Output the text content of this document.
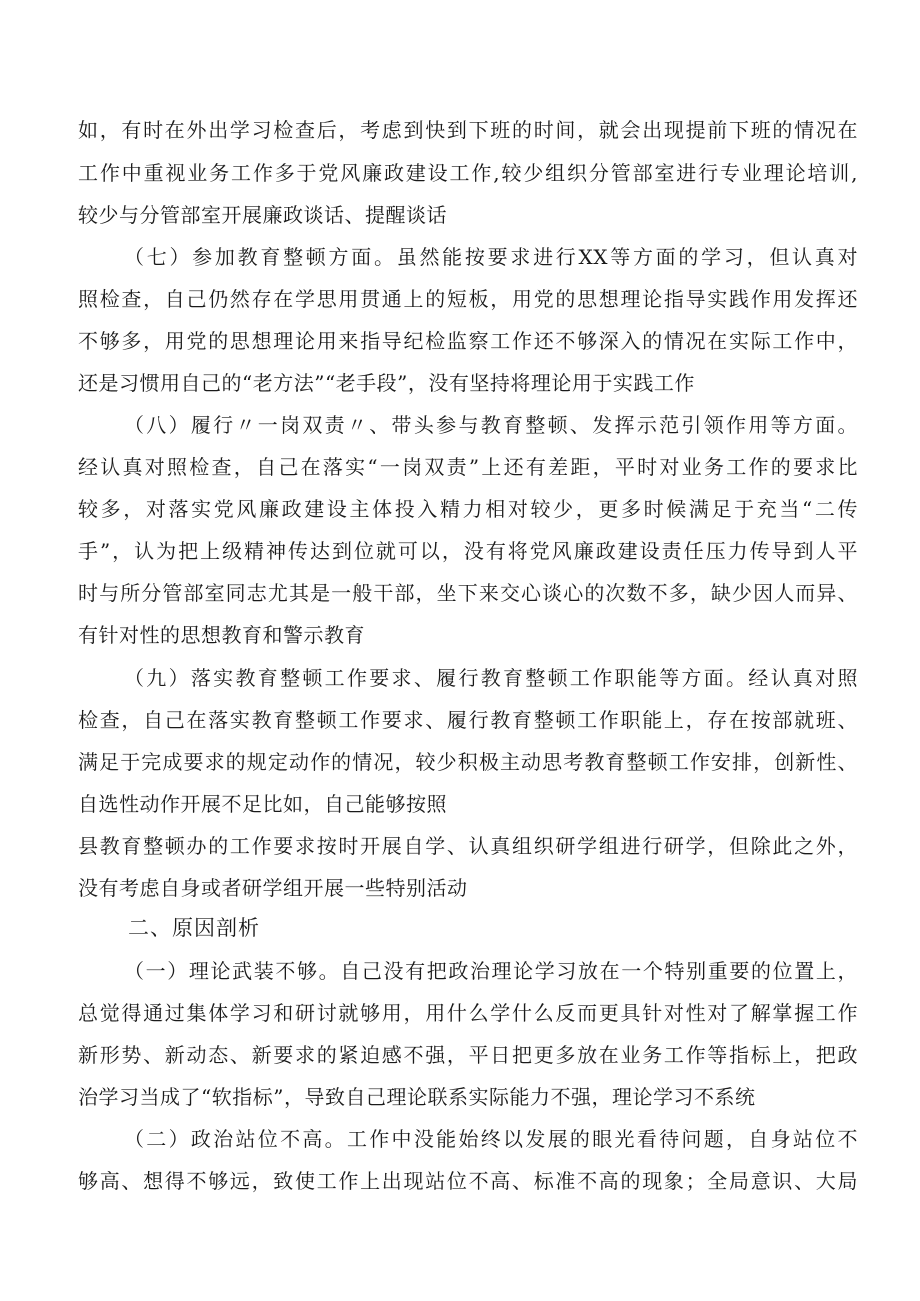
如，有时在外出学习检查后，考虑到快到下班的时间，就会出现提前下班的情况在
工作中重视业务工作多于党风廉政建设工作,较少组织分管部室进行专业理论培训,
较少与分管部室开展廉政谈话、提醒谈话
（七）参加教育整顿方面。虽然能按要求进行XX等方面的学习，但认真对
照检查，自己仍然存在学思用贯通上的短板，用党的思想理论指导实践作用发挥还
不够多，用党的思想理论用来指导纪检监察工作还不够深入的情况在实际工作中，
还是习惯用自己的“老方法”“老手段”，没有坚持将理论用于实践工作
（八）履行〃一岗双责〃、带头参与教育整顿、发挥示范引领作用等方面。
经认真对照检查，自己在落实“一岗双责”上还有差距，平时对业务工作的要求比
较多，对落实党风廉政建设主体投入精力相对较少，更多时候满足于充当“二传
手”，认为把上级精神传达到位就可以，没有将党风廉政建设责任压力传导到人平
时与所分管部室同志尤其是一般干部，坐下来交心谈心的次数不多，缺少因人而异、
有针对性的思想教育和警示教育
（九）落实教育整顿工作要求、履行教育整顿工作职能等方面。经认真对照
检查，自己在落实教育整顿工作要求、履行教育整顿工作职能上，存在按部就班、
满足于完成要求的规定动作的情况，较少积极主动思考教育整顿工作安排，创新性、
自选性动作开展不足比如，自己能够按照
县教育整顿办的工作要求按时开展自学、认真组织研学组进行研学，但除此之外，
没有考虑自身或者研学组开展一些特别活动
二、原因剖析
（一）理论武装不够。自己没有把政治理论学习放在一个特别重要的位置上，
总觉得通过集体学习和研讨就够用，用什么学什么反而更具针对性对了解掌握工作
新形势、新动态、新要求的紧迫感不强，平日把更多放在业务工作等指标上，把政
治学习当成了“软指标”，导致自己理论联系实际能力不强，理论学习不系统
（二）政治站位不高。工作中没能始终以发展的眼光看待问题，自身站位不
够高、想得不够远，致使工作上出现站位不高、标准不高的现象；全局意识、大局
